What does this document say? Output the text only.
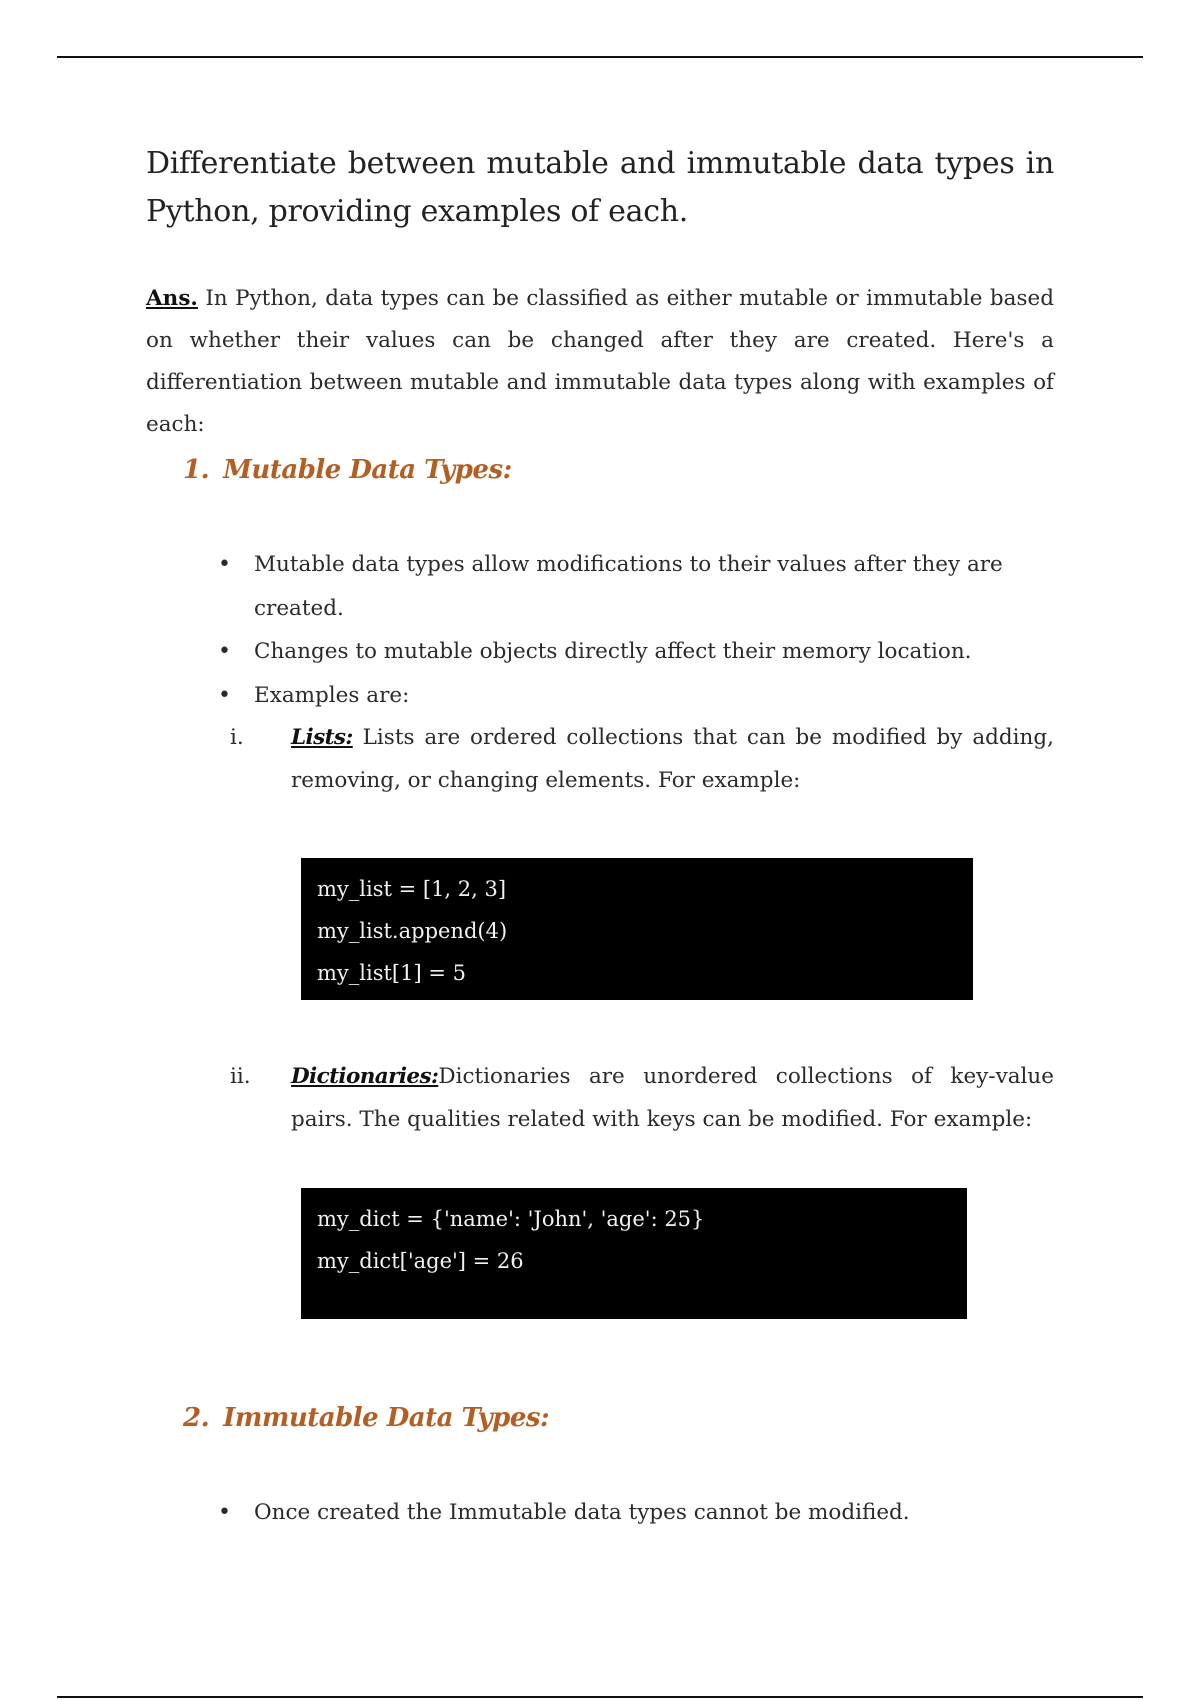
Differentiate between mutable and immutable data types in Python, providing examples of each.
Ans. In Python, data types can be classified as either mutable or immutable based on whether their values can be changed after they are created. Here's a differentiation between mutable and immutable data types along with examples of each:
1. Mutable Data Types:
• Mutable data types allow modifications to their values after they are created.
• Changes to mutable objects directly affect their memory location.
• Examples are:
i. Lists: Lists are ordered collections that can be modified by adding, removing, or changing elements. For example:
my_list = [1, 2, 3]
my_list.append(4)
my_list[1] = 5
ii. Dictionaries:Dictionaries are unordered collections of key-value pairs. The qualities related with keys can be modified. For example:
my_dict = {'name': 'John', 'age': 25}
my_dict['age'] = 26
2. Immutable Data Types:
• Once created the Immutable data types cannot be modified.
